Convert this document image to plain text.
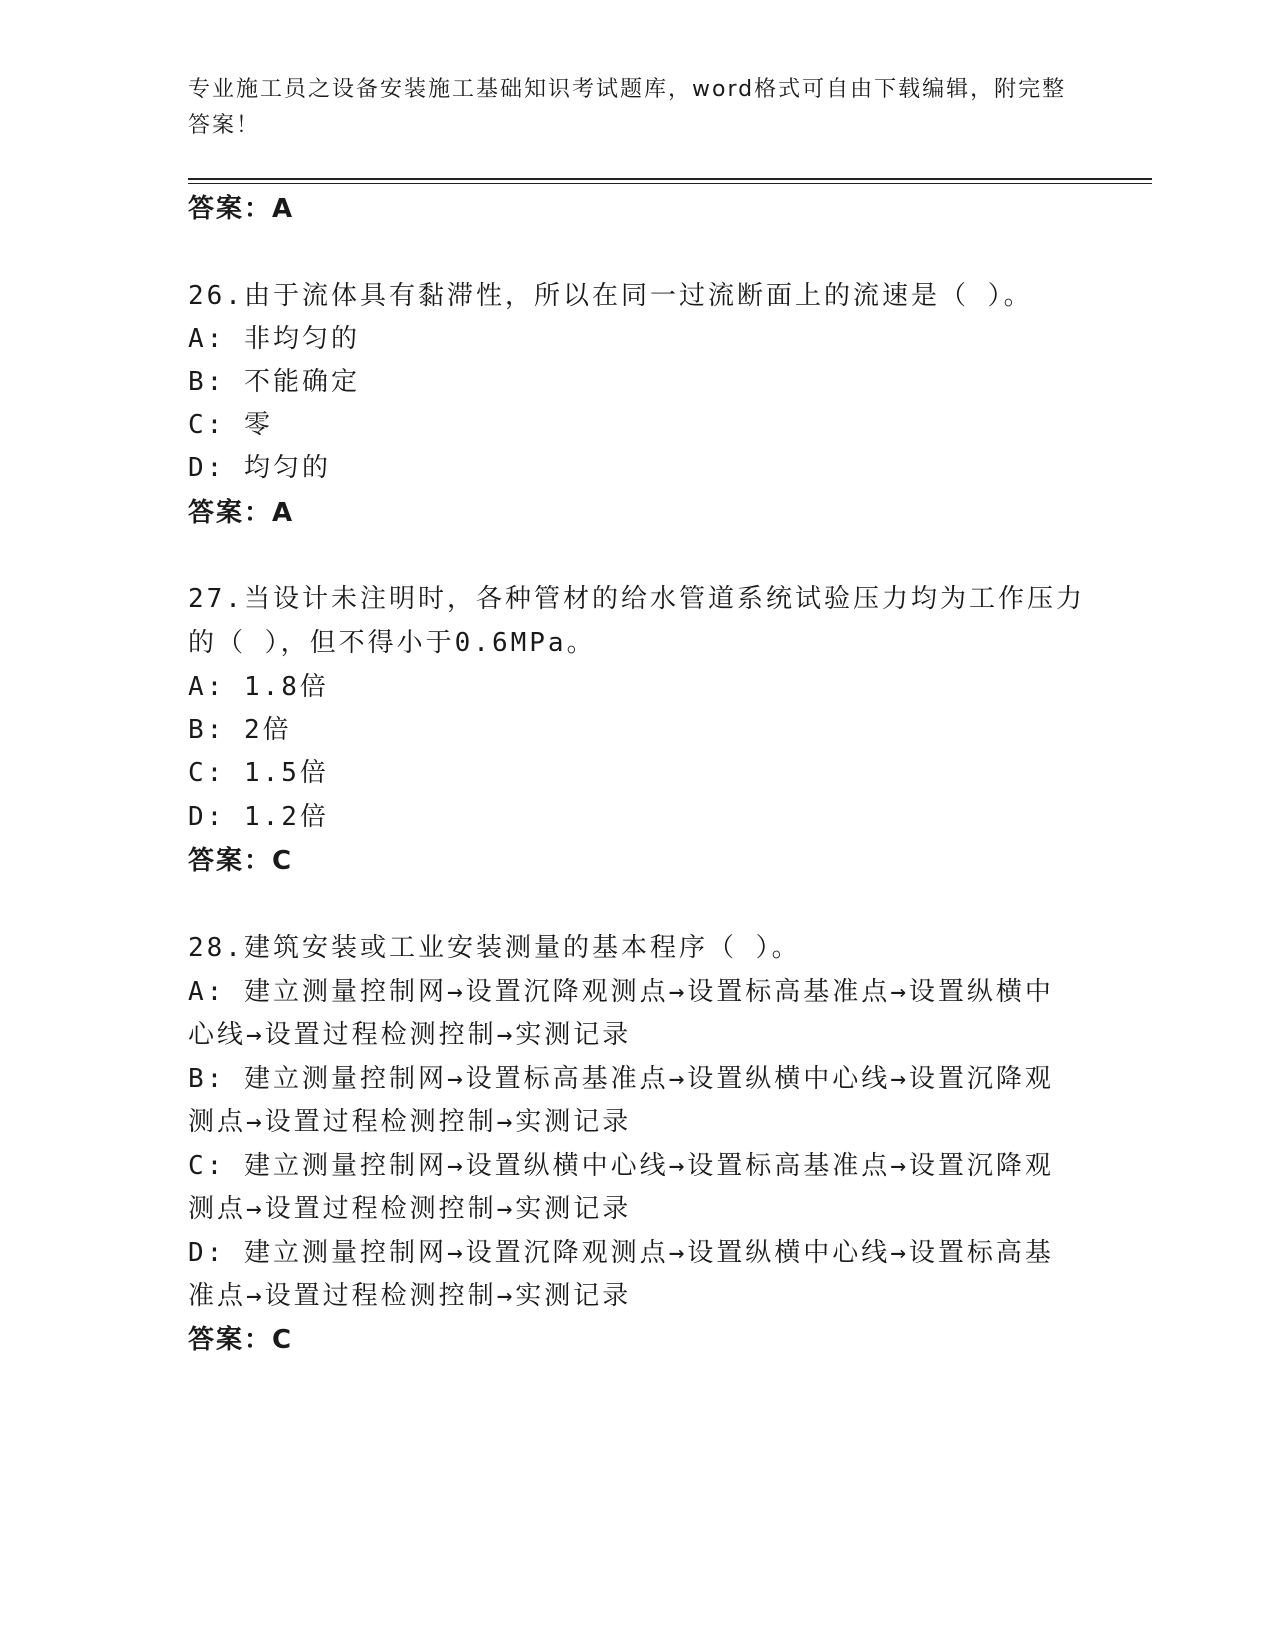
专业施工员之设备安装施工基础知识考试题库，word格式可自由下载编辑，附完整答案！
答案：A
26.由于流体具有黏滞性，所以在同一过流断面上的流速是（ ）。
A: 非均匀的
B: 不能确定
C: 零
D: 均匀的
答案：A
27.当设计未注明时，各种管材的给水管道系统试验压力均为工作压力
的（ ），但不得小于0.6MPa。
A: 1.8倍
B: 2倍
C: 1.5倍
D: 1.2倍
答案：C
28.建筑安装或工业安装测量的基本程序（ ）。
A: 建立测量控制网→设置沉降观测点→设置标高基准点→设置纵横中
心线→设置过程检测控制→实测记录
B: 建立测量控制网→设置标高基准点→设置纵横中心线→设置沉降观
测点→设置过程检测控制→实测记录
C: 建立测量控制网→设置纵横中心线→设置标高基准点→设置沉降观
测点→设置过程检测控制→实测记录
D: 建立测量控制网→设置沉降观测点→设置纵横中心线→设置标高基
准点→设置过程检测控制→实测记录
答案：C
